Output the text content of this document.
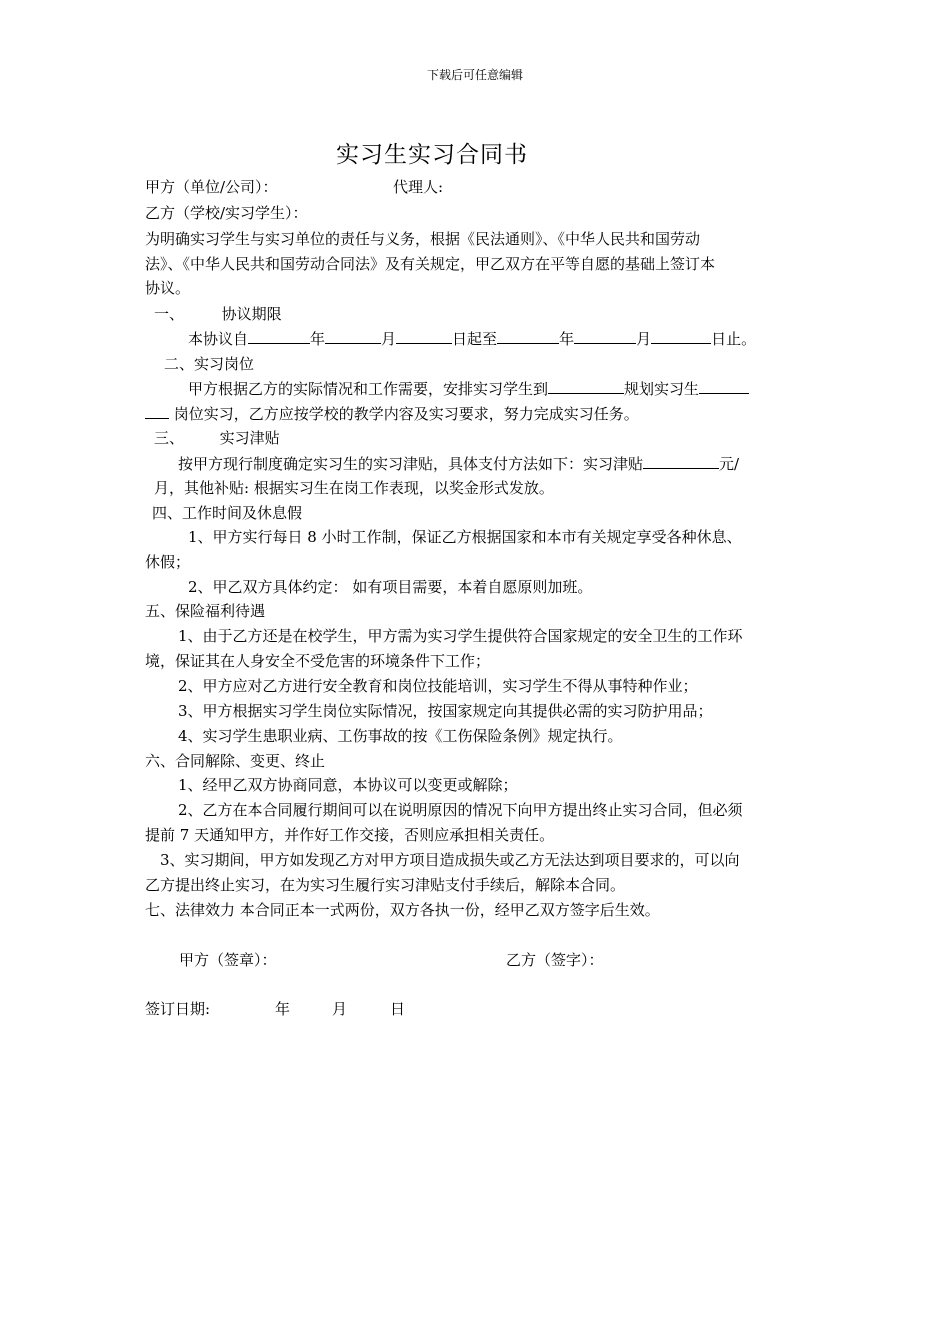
下载后可任意编辑
实习生实习合同书
甲方（单位/公司）：	代理人:
乙方（学校/实习学生）：
为明确实习学生与实习单位的责任与义务，根据《民法通则》、《中华人民共和国劳动
法》、《中华人民共和国劳动合同法》及有关规定，甲乙双方在平等自愿的基础上签订本
协议。
一、	协议期限
本协议自	年	月	日起至	年	月	日止。
二、实习岗位
甲方根据乙方的实际情况和工作需要，安排实习学生到	规划实习生
岗位实习，乙方应按学校的教学内容及实习要求，努力完成实习任务。
三、 实习津贴
按甲方现行制度确定实习生的实习津贴，具体支付方法如下：实习津贴	元/
月，其他补贴: 根据实习生在岗工作表现，以奖金形式发放。
四、工作时间及休息假
1、甲方实行每日 8 小时工作制，保证乙方根据国家和本市有关规定享受各种休息、
休假；
2、甲乙双方具体约定： 如有项目需要，本着自愿原则加班。
五、保险福利待遇
1、由于乙方还是在校学生，甲方需为实习学生提供符合国家规定的安全卫生的工作环
境，保证其在人身安全不受危害的环境条件下工作；
2、甲方应对乙方进行安全教育和岗位技能培训，实习学生不得从事特种作业；
3、甲方根据实习学生岗位实际情况，按国家规定向其提供必需的实习防护用品；
4、实习学生患职业病、工伤事故的按《工伤保险条例》规定执行。
六、合同解除、变更、终止
1、经甲乙双方协商同意，本协议可以变更或解除；
2、乙方在本合同履行期间可以在说明原因的情况下向甲方提出终止实习合同，但必须
提前 7 天通知甲方，并作好工作交接，否则应承担相关责任。
3、实习期间，甲方如发现乙方对甲方项目造成损失或乙方无法达到项目要求的，可以向
乙方提出终止实习，在为实习生履行实习津贴支付手续后，解除本合同。
七、法律效力 本合同正本一式两份，双方各执一份，经甲乙双方签字后生效。
甲方（签章）：	乙方（签字）：
签订日期:	年	月	日
